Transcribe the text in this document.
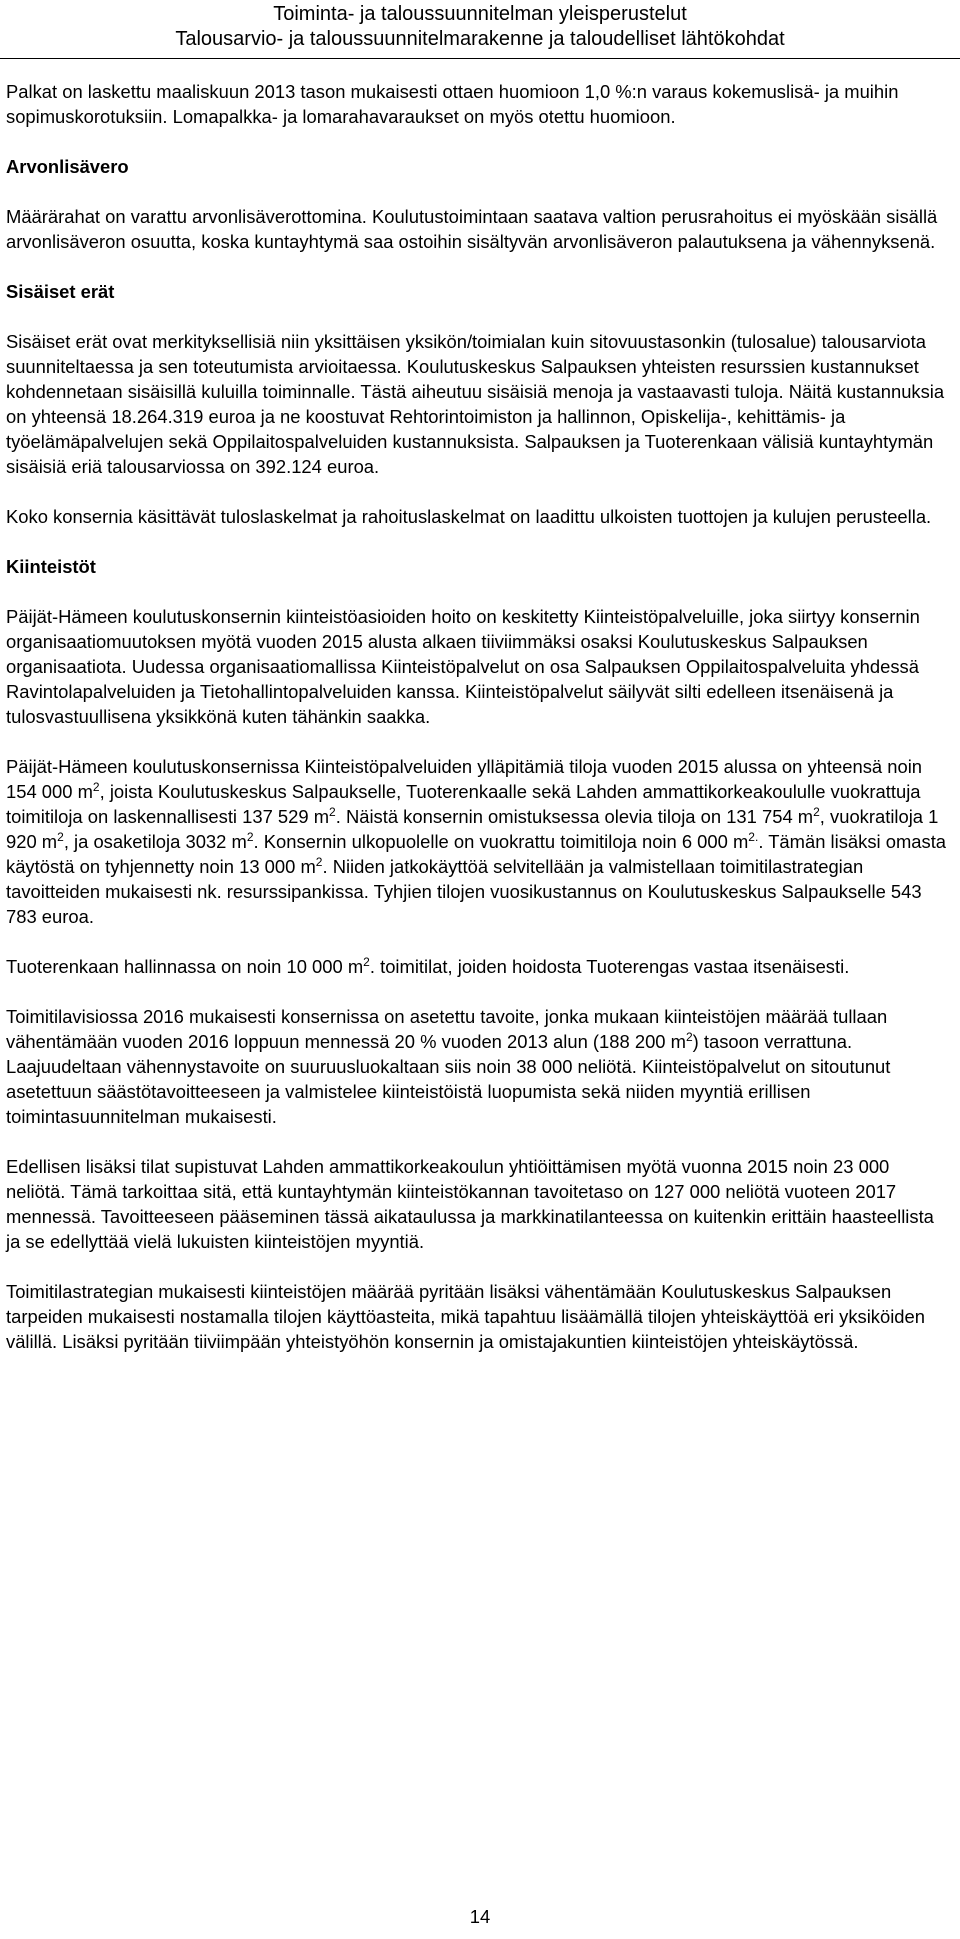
Toiminta- ja taloussuunnitelman yleisperustelut
Talousarvio- ja taloussuunnitelmarakenne ja taloudelliset lähtökohdat

Palkat on laskettu maaliskuun 2013 tason mukaisesti ottaen huomioon 1,0 %:n varaus kokemuslisä- ja muihin sopimuskorotuksiin. Lomapalkka- ja lomarahavaraukset on myös otettu huomioon.

Arvonlisävero

Määrärahat on varattu arvonlisäverottomina. Koulutustoimintaan saatava valtion perusrahoitus ei myöskään sisällä arvonlisäveron osuutta, koska kuntayhtymä saa ostoihin sisältyvän arvonlisäveron palautuksena ja vähennyksenä.

Sisäiset erät

Sisäiset erät ovat merkityksellisiä niin yksittäisen yksikön/toimialan kuin sitovuustasonkin (tulosalue) talousarviota suunniteltaessa ja sen toteutumista arvioitaessa. Koulutuskeskus Salpauksen yhteisten resurssien kustannukset kohdennetaan sisäisillä kuluilla toiminnalle. Tästä aiheutuu sisäisiä menoja ja vastaavasti tuloja. Näitä kustannuksia on yhteensä 18.264.319 euroa ja ne koostuvat Rehtorintoimiston ja hallinnon, Opiskelija-, kehittämis- ja työelämäpalvelujen sekä Oppilaitospalveluiden kustannuksista. Salpauksen ja Tuoterenkaan välisiä kuntayhtymän sisäisiä eriä talousarviossa on 392.124 euroa.

Koko konsernia käsittävät tuloslaskelmat ja rahoituslaskelmat on laadittu ulkoisten tuottojen ja kulujen perusteella.

Kiinteistöt

Päijät-Hämeen koulutuskonsernin kiinteistöasioiden hoito on keskitetty Kiinteistöpalveluille, joka siirtyy konsernin organisaatiomuutoksen myötä vuoden 2015 alusta alkaen tiiviimmäksi osaksi Koulutuskeskus Salpauksen organisaatiota. Uudessa organisaatiomallissa Kiinteistöpalvelut on osa Salpauksen Oppilaitospalveluita yhdessä Ravintolapalveluiden ja Tietohallintopalveluiden kanssa. Kiinteistöpalvelut säilyvät silti edelleen itsenäisenä ja tulosvastuullisena yksikkönä kuten tähänkin saakka.

Päijät-Hämeen koulutuskonsernissa Kiinteistöpalveluiden ylläpitämiä tiloja vuoden 2015 alussa on yhteensä noin 154 000 $m^2$, joista Koulutuskeskus Salpaukselle, Tuoterenkaalle sekä Lahden ammattikorkeakoululle vuokrattuja toimitiloja on laskennallisesti 137 529 $m^2$. Näistä konsernin omistuksessa olevia tiloja on 131 754 $m^2$, vuokratiloja 1 920 $m^2$, ja osaketiloja 3032 $m^2$. Konsernin ulkopuolelle on vuokrattu toimitiloja noin 6 000 $m^{2.}$. Tämän lisäksi omasta käytöstä on tyhjennetty noin 13 000 $m^2$. Niiden jatkokäyttöä selvitellään ja valmistellaan toimitilastrategian tavoitteiden mukaisesti nk. resurssipankissa. Tyhjien tilojen vuosikustannus on Koulutuskeskus Salpaukselle 543 783 euroa.

Tuoterenkaan hallinnassa on noin 10 000 $m^2$. toimitilat, joiden hoidosta Tuoterengas vastaa itsenäisesti.

Toimitilavisiossa 2016 mukaisesti konsernissa on asetettu tavoite, jonka mukaan kiinteistöjen määrää tullaan vähentämään vuoden 2016 loppuun mennessä 20 % vuoden 2013 alun (188 200 $m^2$) tasoon verrattuna. Laajuudeltaan vähennystavoite on suuruusluokaltaan siis noin 38 000 neliötä. Kiinteistöpalvelut on sitoutunut asetettuun säästötavoitteeseen ja valmistelee kiinteistöistä luopumista sekä niiden myyntiä erillisen toimintasuunnitelman mukaisesti.

Edellisen lisäksi tilat supistuvat Lahden ammattikorkeakoulun yhtiöittämisen myötä vuonna 2015 noin 23 000 neliötä. Tämä tarkoittaa sitä, että kuntayhtymän kiinteistökannan tavoitetaso on 127 000 neliötä vuoteen 2017 mennessä. Tavoitteeseen pääseminen tässä aikataulussa ja markkinatilanteessa on kuitenkin erittäin haasteellista ja se edellyttää vielä lukuisten kiinteistöjen myyntiä.

Toimitilastrategian mukaisesti kiinteistöjen määrää pyritään lisäksi vähentämään Koulutuskeskus Salpauksen tarpeiden mukaisesti nostamalla tilojen käyttöasteita, mikä tapahtuu lisäämällä tilojen yhteiskäyttöä eri yksiköiden välillä. Lisäksi pyritään tiiviimpään yhteistyöhön konsernin ja omistajakuntien kiinteistöjen yhteiskäytössä.

14
